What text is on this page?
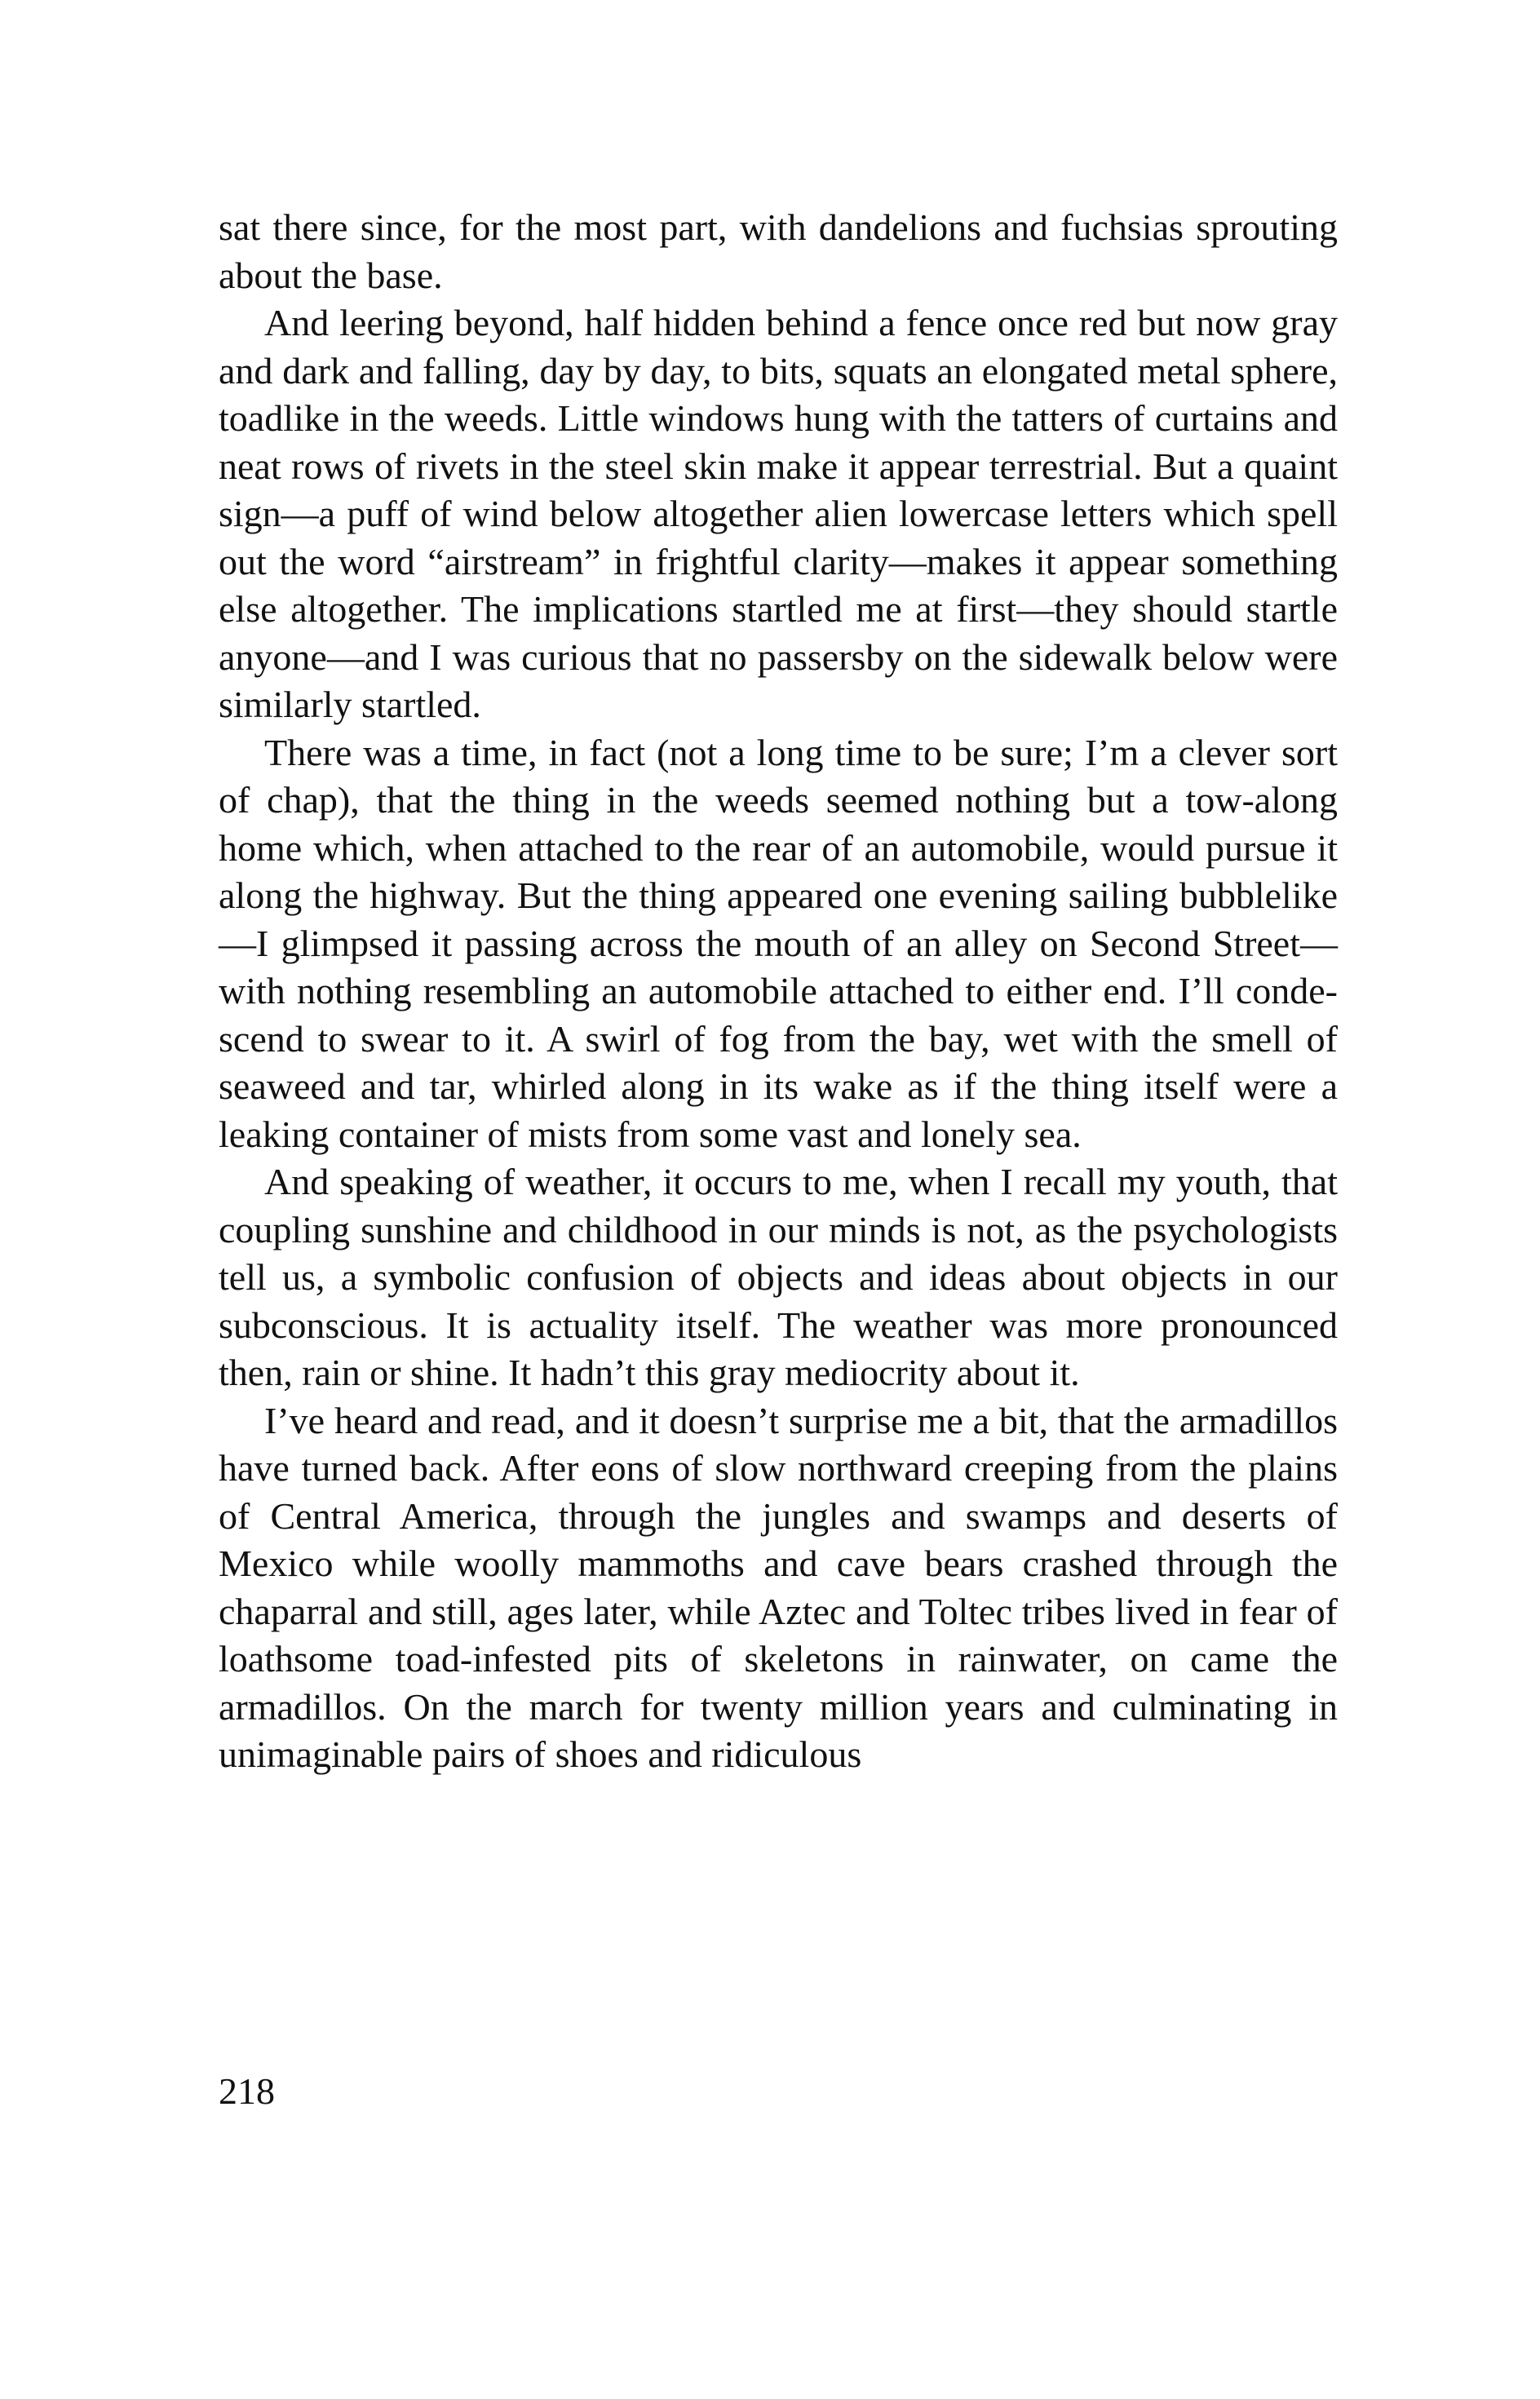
sat there since, for the most part, with dandelions and fuchsias sprouting about the base.

And leering beyond, half hidden behind a fence once red but now gray and dark and falling, day by day, to bits, squats an elongated metal sphere, toadlike in the weeds. Little windows hung with the tatters of curtains and neat rows of rivets in the steel skin make it appear terrestrial. But a quaint sign—a puff of wind below altogether alien lowercase letters which spell out the word “airstream” in frightful clarity—makes it appear something else altogether. The implications startled me at first—they should startle anyone—and I was curious that no passersby on the sidewalk below were similarly startled.

There was a time, in fact (not a long time to be sure; I’m a clever sort of chap), that the thing in the weeds seemed nothing but a tow-along home which, when attached to the rear of an automobile, would pursue it along the highway. But the thing appeared one evening sailing bubblelike—I glimpsed it passing across the mouth of an alley on Second Street—with nothing resembling an automobile attached to either end. I’ll condescend to swear to it. A swirl of fog from the bay, wet with the smell of seaweed and tar, whirled along in its wake as if the thing itself were a leaking container of mists from some vast and lonely sea.

And speaking of weather, it occurs to me, when I recall my youth, that coupling sunshine and childhood in our minds is not, as the psychologists tell us, a symbolic confusion of objects and ideas about objects in our subconscious. It is actuality itself. The weather was more pronounced then, rain or shine. It hadn’t this gray mediocrity about it.

I’ve heard and read, and it doesn’t surprise me a bit, that the armadillos have turned back. After eons of slow northward creeping from the plains of Central America, through the jungles and swamps and deserts of Mexico while woolly mammoths and cave bears crashed through the chaparral and still, ages later, while Aztec and Toltec tribes lived in fear of loathsome toad-infested pits of skeletons in rainwater, on came the armadillos. On the march for twenty million years and culminating in unimaginable pairs of shoes and ridiculous

218
